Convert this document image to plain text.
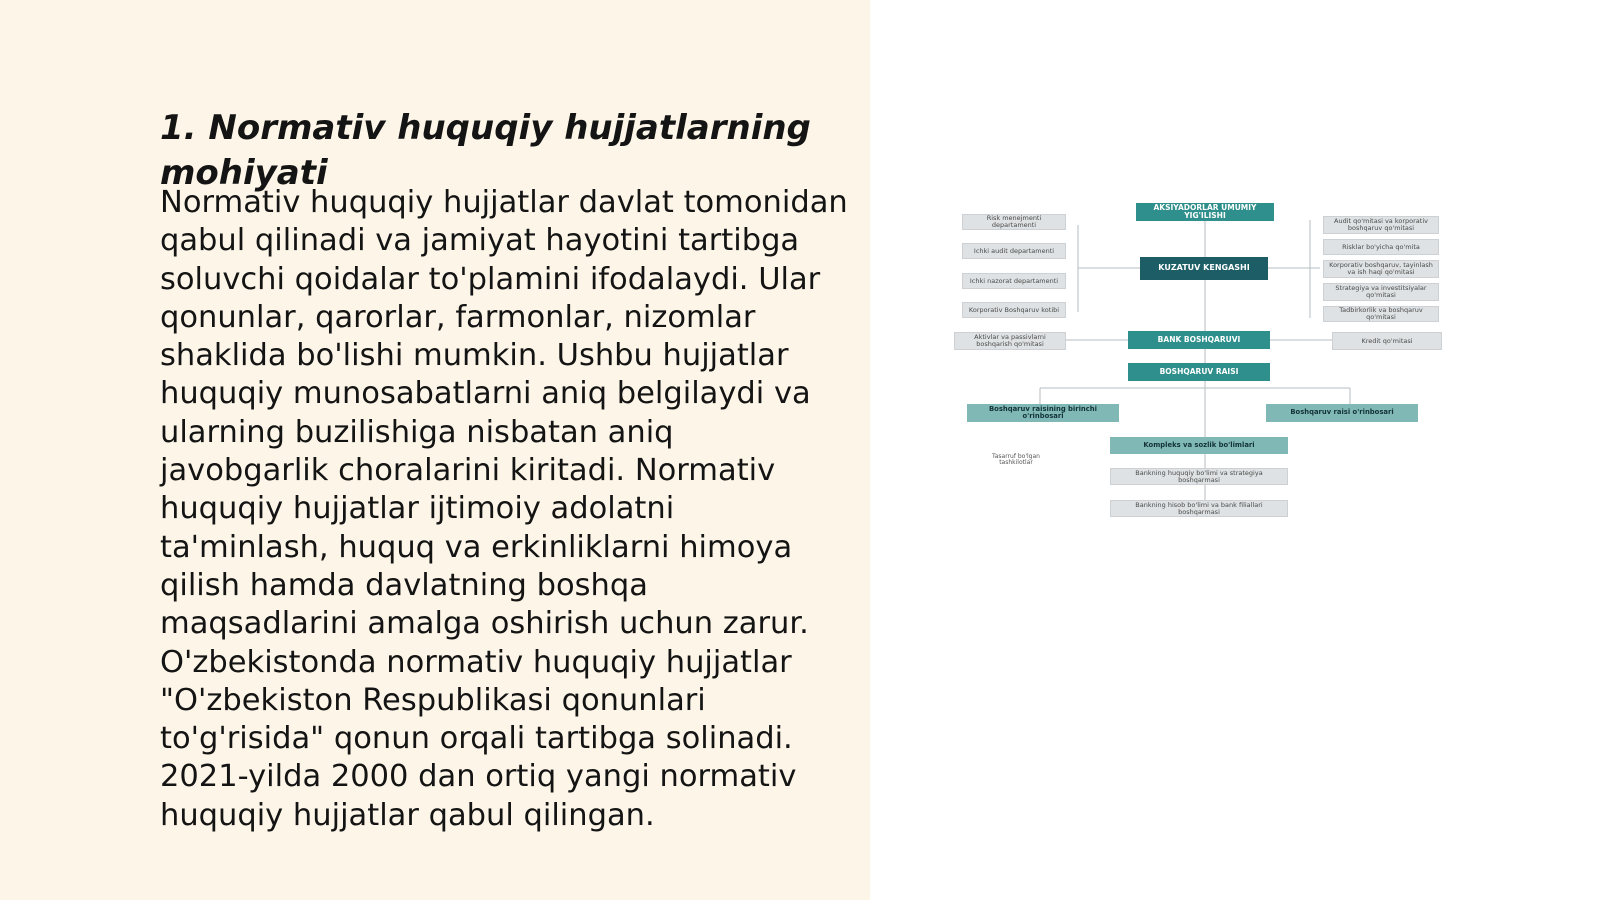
1. Normativ huquqiy hujjatlarning mohiyati

Normativ huquqiy hujjatlar davlat tomonidan qabul qilinadi va jamiyat hayotini tartibga soluvchi qoidalar to'plamini ifodalaydi. Ular qonunlar, qarorlar, farmonlar, nizomlar shaklida bo'lishi mumkin. Ushbu hujjatlar huquqiy munosabatlarni aniq belgilaydi va ularning buzilishiga nisbatan aniq javobgarlik choralarini kiritadi. Normativ huquqiy hujjatlar ijtimoiy adolatni ta'minlash, huquq va erkinliklarni himoya qilish hamda davlatning boshqa maqsadlarini amalga oshirish uchun zarur. O'zbekistonda normativ huquqiy hujjatlar "O'zbekiston Respublikasi qonunlari to'g'risida" qonun orqali tartibga solinadi. 2021-yilda 2000 dan ortiq yangi normativ huquqiy hujjatlar qabul qilingan.

AKSIYADORLAR UMUMIY YIG'ILISHI
KUZATUV KENGASHI
Risk menejmenti departamenti
Ichki audit departamenti
Ichki nazorat departamenti
Korporativ Boshqaruv kotibi
Audit qo'mitasi va korporativ boshqaruv qo'mitasi
Risklar bo'yicha qo'mita
Korporativ boshqaruv, tayinlash va ish haqi qo'mitasi
Strategiya va investitsiyalar qo'mitasi
Tadbirkorlik va boshqaruv qo'mitasi
Aktivlar va passivlarni boshqarish qo'mitasi	BANK BOSHQARUVI	Kredit qo'mitasi
BOSHQARUV RAISI
Boshqaruv raisining birinchi o'rinbosari	Boshqaruv raisi o'rinbosari
Kompleks va sozlik bo'limlari
Tasarruf bo'lgan tashkilotlar
Bankning huquqiy bo'limi va strategiya boshqarmasi
Bankning hisob bo'limi va bank filiallari boshqarmasi
